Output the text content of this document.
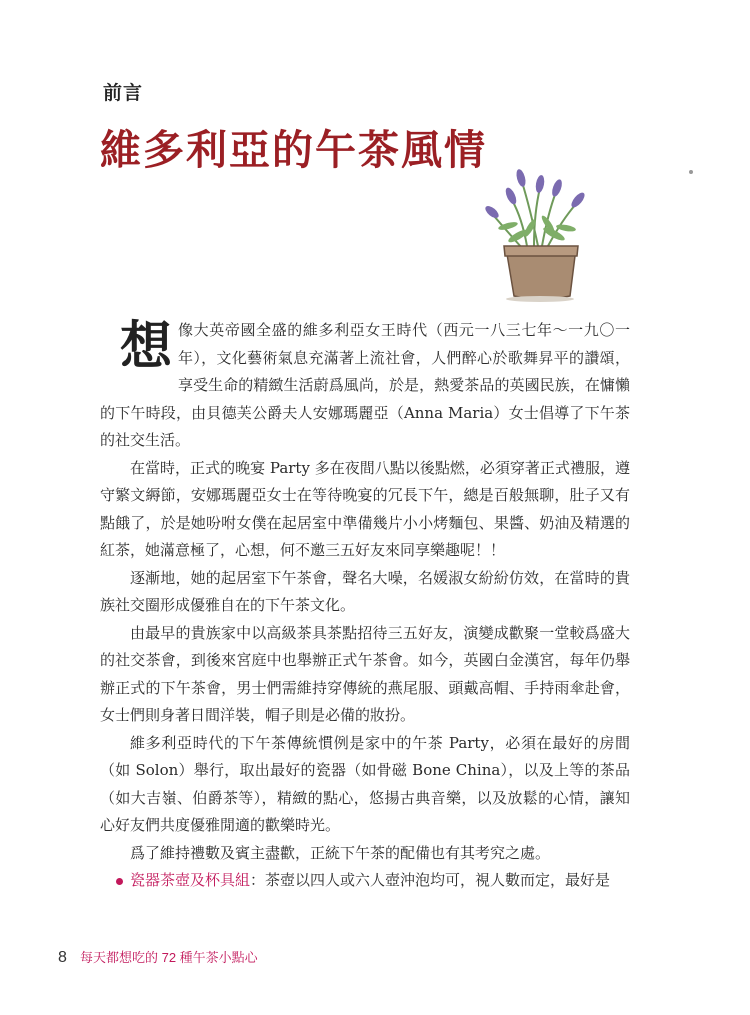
前言
維多利亞的午茶風情

想像大英帝國全盛的維多利亞女王時代（西元一八三七年～一九〇一年），文化藝術氣息充滿著上流社會，人們醉心於歌舞昇平的讚頌，享受生命的精緻生活蔚爲風尚，於是，熱愛茶品的英國民族，在慵懶的下午時段，由貝德芙公爵夫人安娜瑪麗亞（Anna Maria）女士倡導了下午茶的社交生活。

在當時，正式的晚宴 Party 多在夜間八點以後點燃，必須穿著正式禮服，遵守繁文縟節，安娜瑪麗亞女士在等待晚宴的冗長下午，總是百般無聊，肚子又有點餓了，於是她吩咐女僕在起居室中準備幾片小小烤麵包、果醬、奶油及精選的紅茶，她滿意極了，心想，何不邀三五好友來同享樂趣呢！！

逐漸地，她的起居室下午茶會，聲名大噪，名媛淑女紛紛仿效，在當時的貴族社交圈形成優雅自在的下午茶文化。

由最早的貴族家中以高級茶具茶點招待三五好友，演變成歡聚一堂較爲盛大的社交茶會，到後來宮庭中也舉辦正式午茶會。如今，英國白金漢宮，每年仍舉辦正式的下午茶會，男士們需維持穿傳統的燕尾服、頭戴高帽、手持雨傘赴會，女士們則身著日間洋裝，帽子則是必備的妝扮。

維多利亞時代的下午茶傳統慣例是家中的午茶 Party，必須在最好的房間（如 Solon）舉行，取出最好的瓷器（如骨磁 Bone China），以及上等的茶品（如大吉嶺、伯爵茶等），精緻的點心，悠揚古典音樂，以及放鬆的心情，讓知心好友們共度優雅閒適的歡樂時光。

爲了維持禮數及賓主盡歡，正統下午茶的配備也有其考究之處。

瓷器茶壺及杯具組：茶壺以四人或六人壺沖泡均可，視人數而定，最好是

8 每天都想吃的 72 種午茶小點心
